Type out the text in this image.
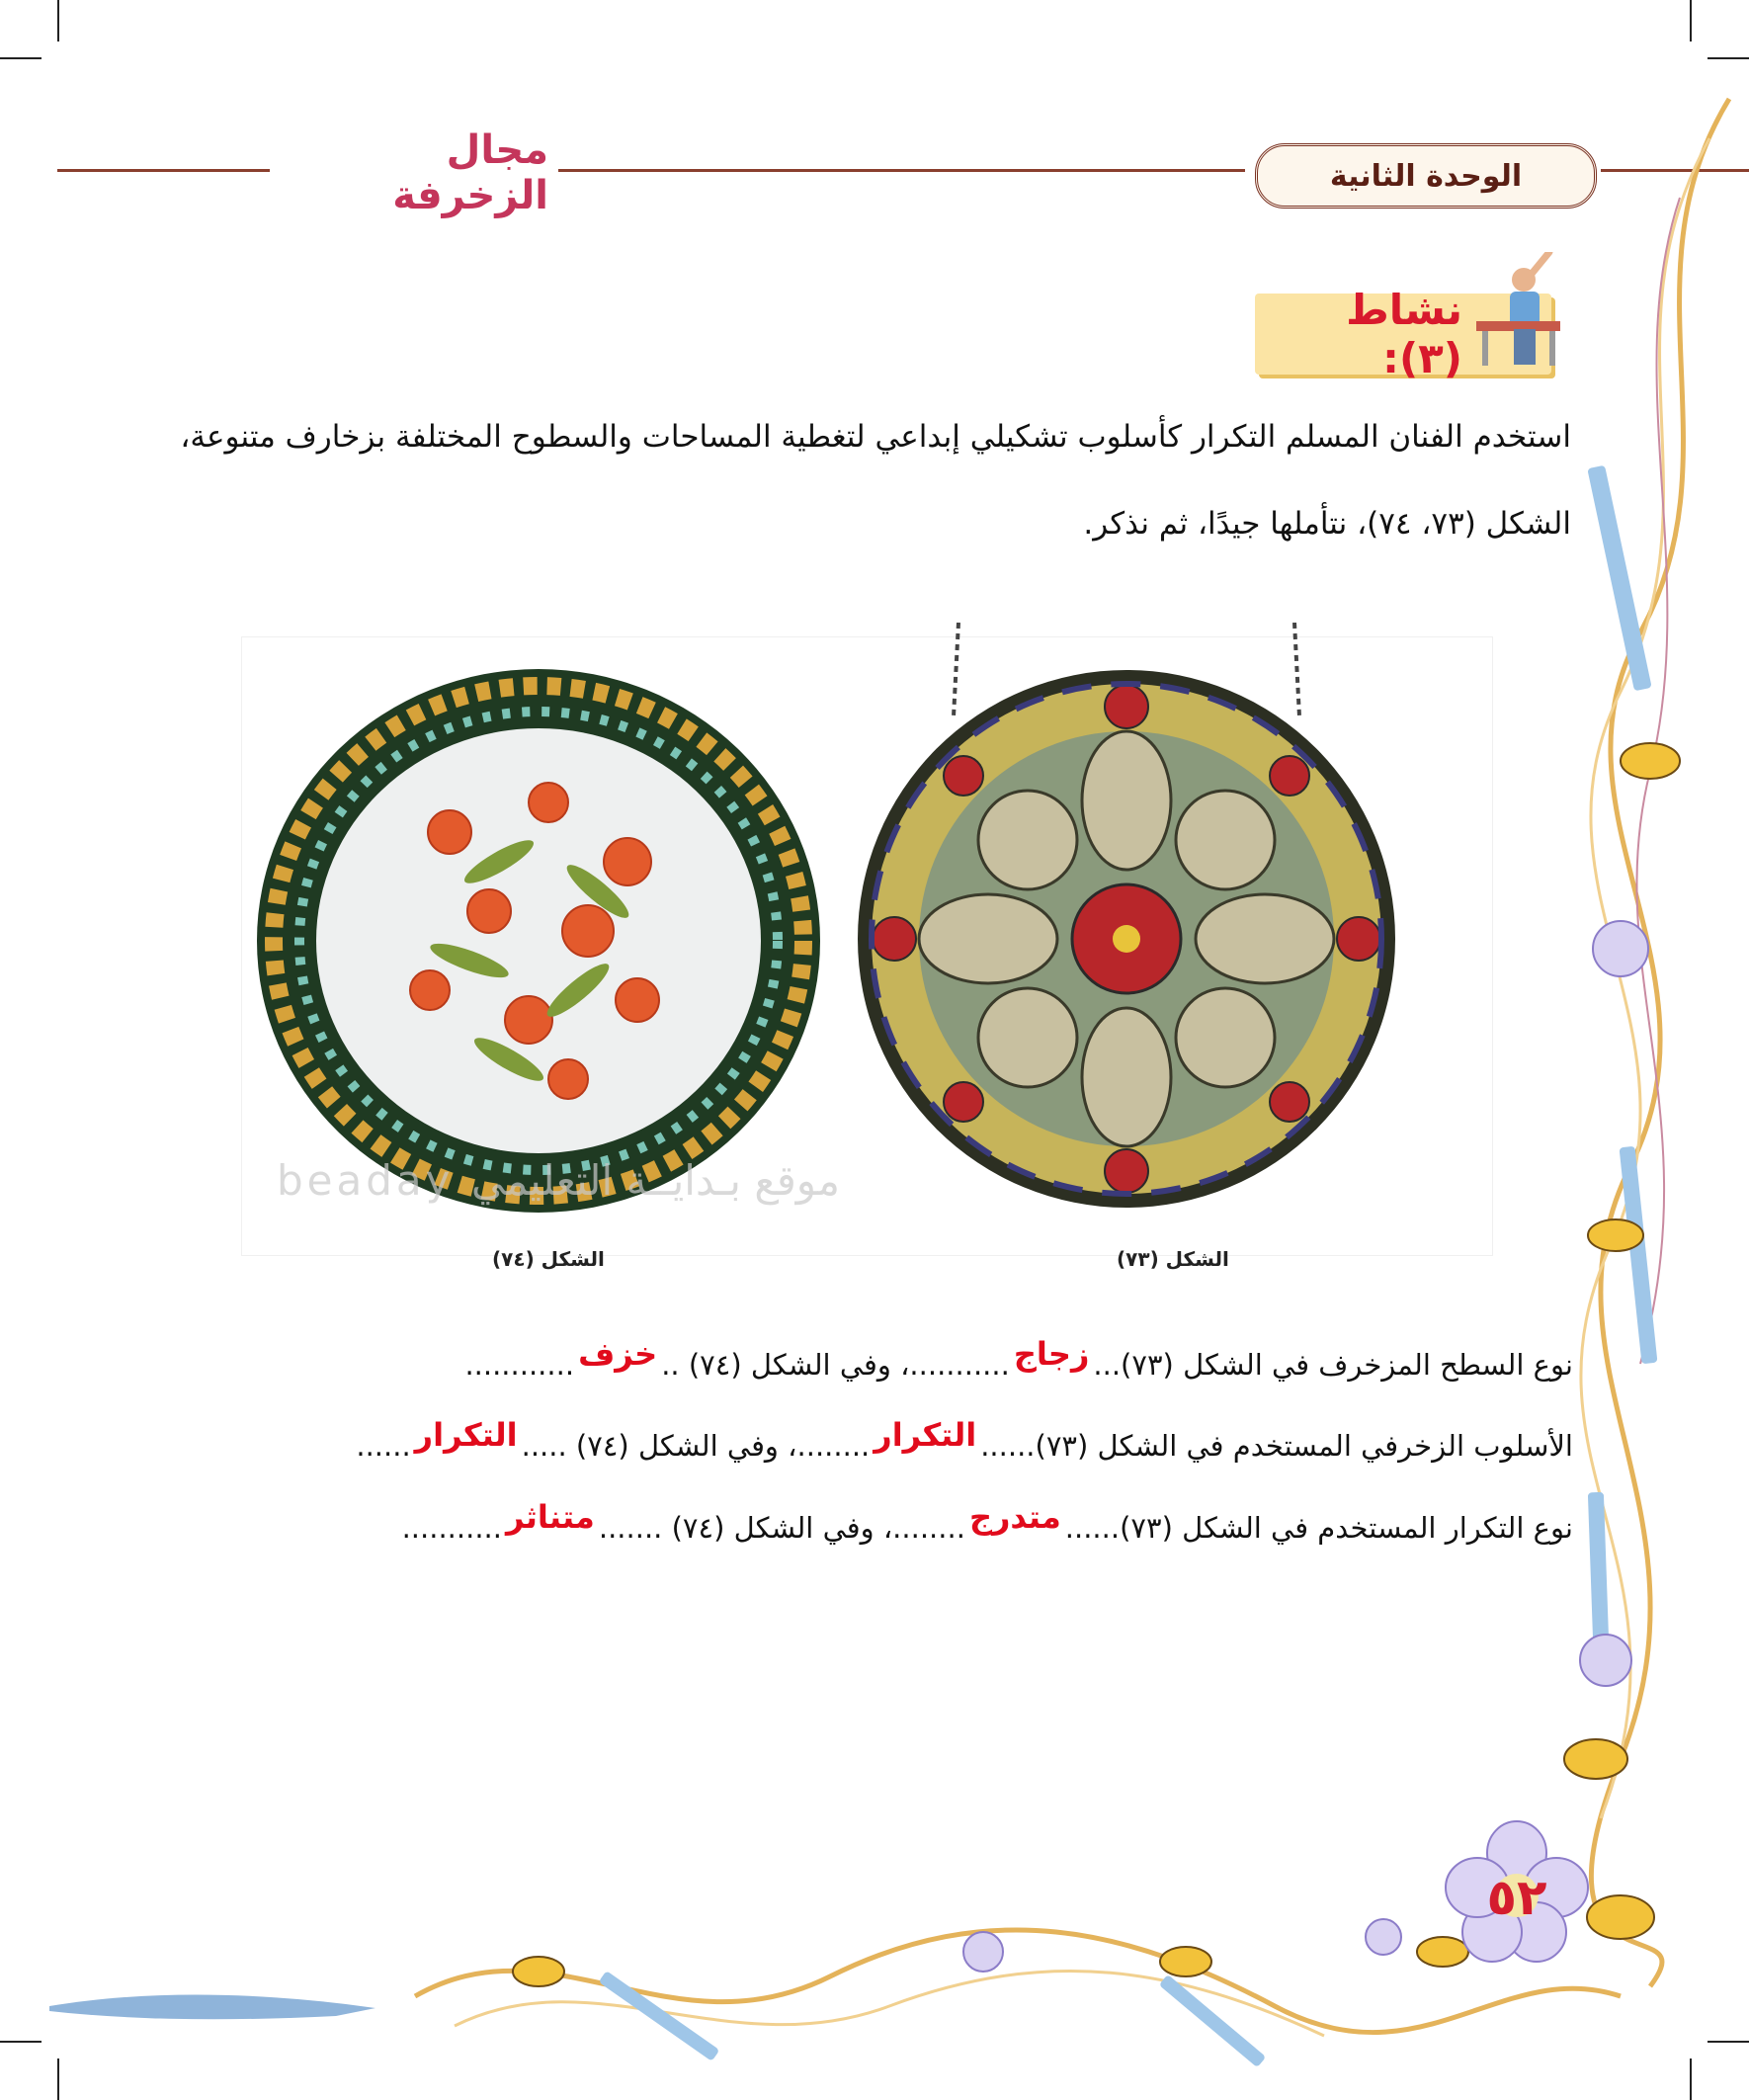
مجال الزخرفة	الوحدة الثانية
٥٢
نشاط (٣):
استخدم الفنان المسلم التكرار كأسلوب تشكيلي إبداعي لتغطية المساحات والسطوح المختلفة بزخارف متنوعة،
الشكل (٧٣، ٧٤)، نتأملها جيدًا، ثم نذكر.
beaday موقع بـدايــة التعليمي
الشكل (٧٤)	الشكل (٧٣)
نوع السطح المزخرف في الشكل (٧٣)...زجاج...........، وفي الشكل (٧٤) ..خزف............
الأسلوب الزخرفي المستخدم في الشكل (٧٣)......التكرار........، وفي الشكل (٧٤) .....التكرار......
نوع التكرار المستخدم في الشكل (٧٣)......متدرج........، وفي الشكل (٧٤) .......متناثر...........
